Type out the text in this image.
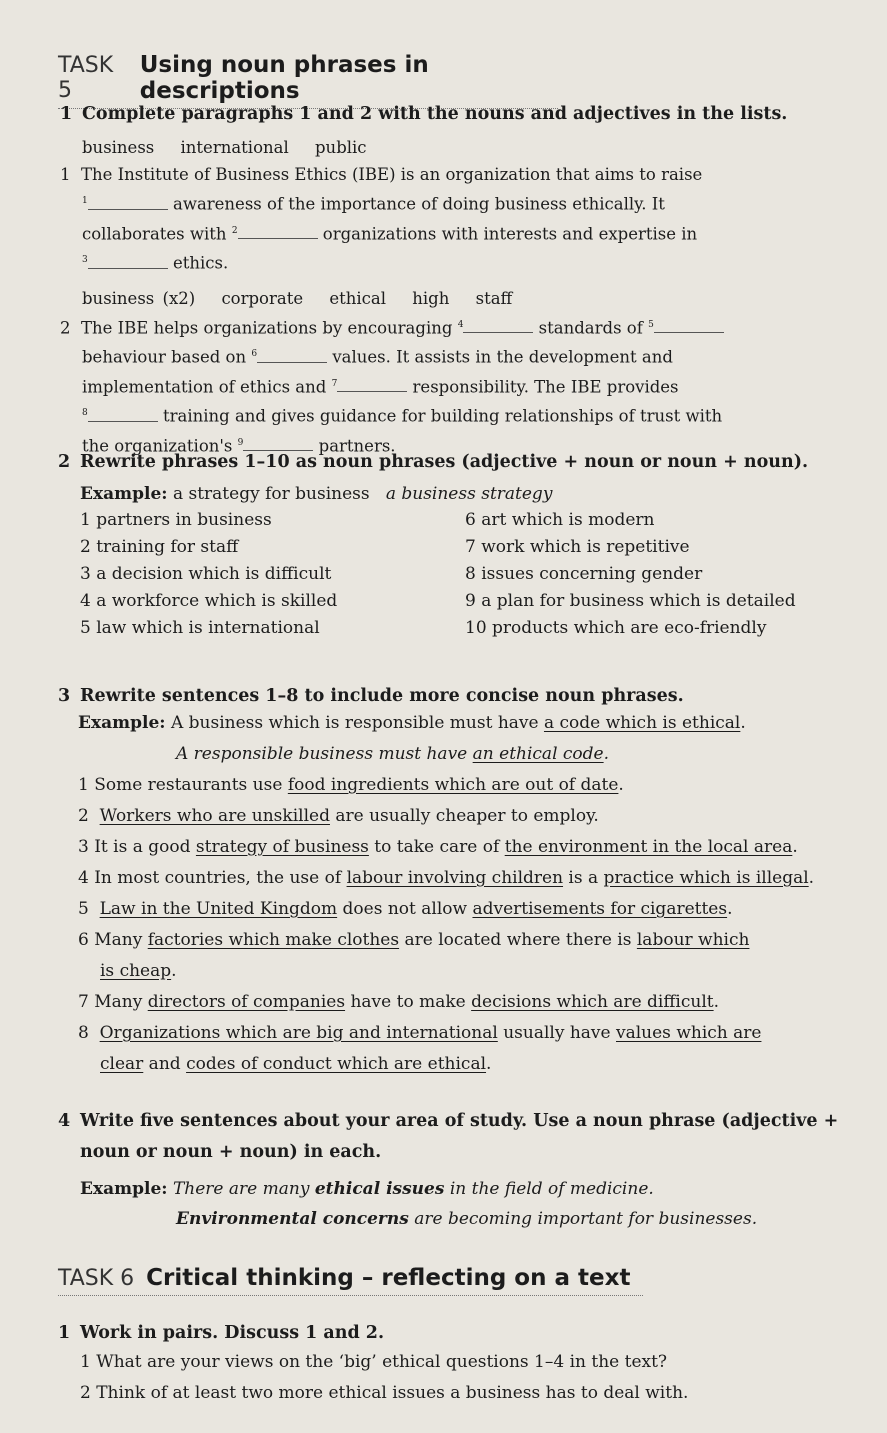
TASK 5
Using noun phrases in descriptions

1 Complete paragraphs 1 and 2 with the nouns and adjectives in the lists.

business international public

1  The Institute of Business Ethics (IBE) is an organization that aims to raise

$^1$	awareness of the importance of doing business ethically. It

collaborates with $^2$	organizations with interests and expertise in

$^3$	ethics.

business (x2) corporate ethical high staff

2  The IBE helps organizations by encouraging $^4$	standards of $^5$

behaviour based on $^6$	values. It assists in the development and

implementation of ethics and $^7$	responsibility. The IBE provides

$^8$	training and gives guidance for building relationships of trust with

the organization's $^9$	partners.

2 Rewrite phrases 1–10 as noun phrases (adjective + noun or noun + noun).

Example: a strategy for business a business strategy

1 partners in business	6 art which is modern
2 training for staff	7 work which is repetitive
3 a decision which is difficult	8 issues concerning gender
4 a workforce which is skilled	9 a plan for business which is detailed
5 law which is international	10 products which are eco-friendly

3 Rewrite sentences 1–8 to include more concise noun phrases.

Example: A business which is responsible must have a code which is ethical.
A responsible business must have an ethical code.
1 Some restaurants use food ingredients which are out of date.
2  Workers who are unskilled are usually cheaper to employ.
3 It is a good strategy of business to take care of the environment in the local area.
4 In most countries, the use of labour involving children is a practice which is illegal.
5  Law in the United Kingdom does not allow advertisements for cigarettes.
6 Many factories which make clothes are located where there is labour which
is cheap.
7 Many directors of companies have to make decisions which are difficult.
8  Organizations which are big and international usually have values which are
clear and codes of conduct which are ethical.

4 Write five sentences about your area of study. Use a noun phrase (adjective +
noun or noun + noun) in each.

Example: There are many ethical issues in the field of medicine.
Environmental concerns are becoming important for businesses.

TASK 6 Critical thinking – reflecting on a text

1 Work in pairs. Discuss 1 and 2.

1 What are your views on the ‘big’ ethical questions 1–4 in the text?
2 Think of at least two more ethical issues a business has to deal with.
